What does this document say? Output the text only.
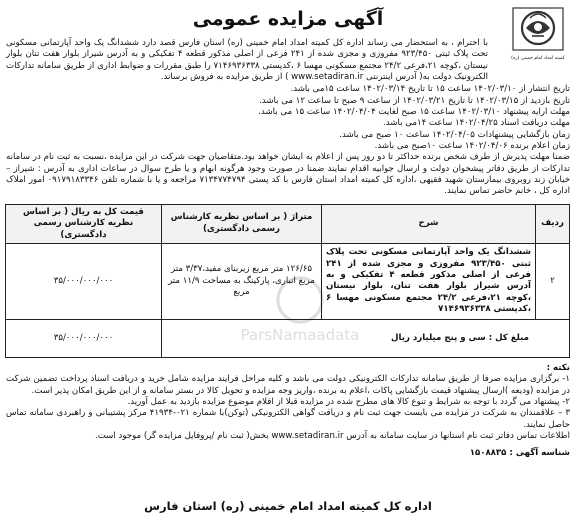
آگهی مزایده عمومی
کمیته امداد امام خمینی (ره)
ParsNamaadata

با احترام ، به استحضار می رساند اداره کل کمیته امداد امام خمینی (ره) استان فارس قصد دارد ششدانگ یک واحد آپارتمانی مسکونی تحت پلاک ثبتی ۹۲۳/۴۵۰ مفروزی و مجزی شده از ۲۴۱ فرعی از اصلی مذکور قطعه ۴ تفکیکی و به آدرس شیراز بلوار هفت تنان بلوار نیستان ،کوچه ۲۱،فرعی ۲۴/۲ مجتمع مسکونی مهسا ۶ ،کدپستی ۷۱۴۶۹۳۶۳۳۸ را طبق مقررات و ضوابط اداری از طریق سامانه تدارکات الکترونیک دولت به( آدرس اینترنتی www.setadiran.ir ) از طریق مزایده به فروش برساند.

تاریخ انتشار از ۱۴۰۲/۰۳/۱۰ ساعت ۱۵ تا تاریخ ۱۴۰۲/۰۳/۱۴ ساعت ۱۵می باشد.

تاریخ بازدید از ۱۴۰۲/۰۳/۱۵ تا تاریخ ۱۴۰۲/۰۳/۲۱ از ساعت ۹ صبح تا ساعت ۱۲ می باشد.

مهلت ارایه پیشنهاد ۱۴۰۲/۰۳/۱۰ ساعت ۱۵ صبح لغایت ۱۴۰۲/۰۴/۰۴ ساعت ۱۵ می باشد.

مهلت دریافت اسناد ۱۴۰۲/۰۴/۲۵ ساعت ۱۴می باشد.

زمان بازگشایی پیشنهادات ۱۴۰۲/۰۴/۰۵ ساعت ۱۰ صبح می باشد.

زمان اعلام برنده ۱۴۰۲/۰۴/۰۶ ساعت ۱۰صبح می باشد.

ضمنا مهلت پذیرش از طرف شخص برنده حداکثر تا دو روز پس از اعلام به ایشان خواهد بود.متقاضیان جهت شرکت در این مزایده ،نسبت به ثبت نام در سامانه تدارکات از طریق دفاتر پیشخوان دولت و ارسال جوابیه اقدام نمایند ضمنا در صورت وجود هرگونه ابهام و یا طرح سوال در ساعات اداری به آدرس : شیراز –خیابان زند روبروی بیمارستان شهید فقیهی ،اداره کل کمیته امداد استان فارس با کد پستی ۷۱۳۴۷۷۴۷۹۴ مراجعه و یا با شماره تلفن ۰۹۱۷۹۱۸۳۳۴۶ امور املاک اداره کل ، خانم حاضر تماس نمایند.

ردیف	شرح	متراژ ( بر اساس نظریه کارشناس رسمی دادگستری)	قیمت کل به ریال ( بر اساس نظریه کارشناس رسمی دادگستری)
۲	ششدانگ یک واحد آپارتمانی مسکونی تحت پلاک ثبتی ۹۲۳/۴۵۰ مفروزی و مجزی شده از ۲۴۱ فرعی از اصلی مذکور قطعه ۴ تفکیکی و به آدرس شیراز بلوار هفت تنان، بلوار نیستان ،کوچه ۲۱،فرعی ۲۴/۲ مجتمع مسکونی مهسا ۶ ،کدپستی ۷۱۴۶۹۳۶۳۳۸	۱۲۶/۶۵ متر مربع زیربنای مفید،۳/۳۷ متر مربع انباری، پارکینگ به مساحت ۱۱/۹ متر مربع	۳۵/۰۰۰/۰۰۰/۰۰۰
مبلغ کل : سی و پنج میلیارد ریال			۳۵/۰۰۰/۰۰۰/۰۰۰
نکته :

۱- برگزاری مزایده صرفا از طریق سامانه تدارکات الکترونیکی دولت می باشد و کلیه مراحل فرایند مزایده شامل خرید و دریافت اسناد پرداخت تضمین شرکت در مزایده (ودیعه )ارسال پیشنهاد قیمت بازگشایی پاکات ،اعلام به برنده ،واریز وجه مزایده و تحویل کالا در بستر سامانه و از این طریق امکان پذیر است.

۲- پیشنهاد می گردد با توجه به شرایط و تنوع کالا های مطرح شده در مزایده قبلا از اقلام موضوع مزایده بازدید به عمل آورید.

۳ – علاقمندان به شرکت در مزایده می بایست جهت ثبت نام و دریافت گواهی الکترونیکی (توکن)با شماره ۰۲۱-۴۱۹۳۴ مرکز پشتیبانی و راهبردی سامانه تماس حاصل نمایند.

اطلاعات تماس دفاتر ثبت نام استانها در سایت سامانه به آدرس www.setadiran.ir بخش( ثبت نام /پروفایل مزایده گر) موجود است.

شناسه آگهی : ۱۵۰۸۸۳۵
اداره کل کمیته امداد امام خمینی (ره) استان فارس
